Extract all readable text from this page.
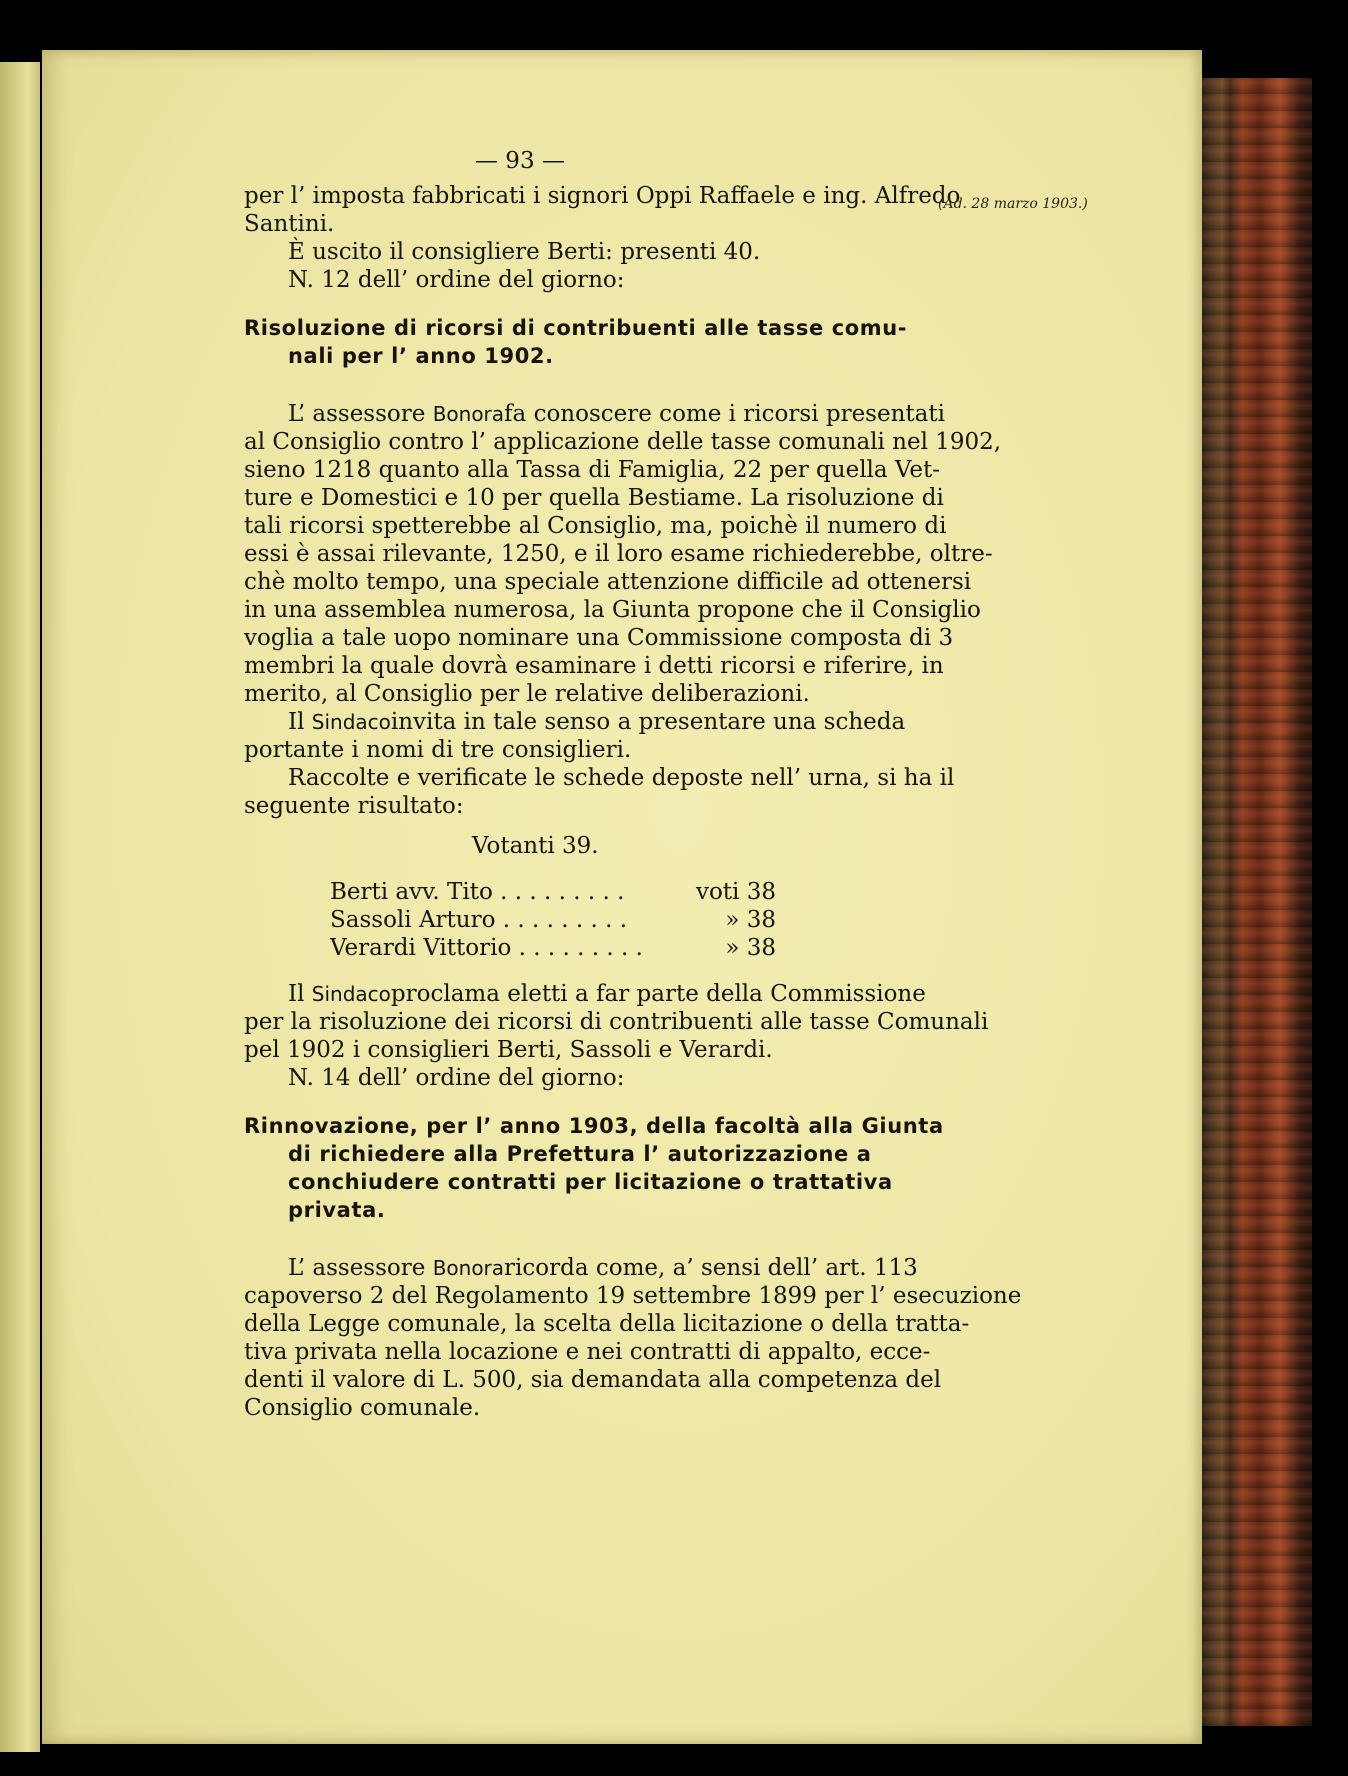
— 93 —
per l’ imposta fabbricati i signori Oppi Raffaele e ing. Alfredo
(Ad. 28 marzo 1903.)
Santini.
È uscito il consigliere Berti: presenti 40.
N. 12 dell’ ordine del giorno:
Risoluzione di ricorsi di contribuenti alle tasse comu-
nali per l’ anno 1902.
L’ assessore Bonora fa conoscere come i ricorsi presentati
al Consiglio contro l’ applicazione delle tasse comunali nel 1902,
sieno 1218 quanto alla Tassa di Famiglia, 22 per quella Vet-
ture e Domestici e 10 per quella Bestiame. La risoluzione di
tali ricorsi spetterebbe al Consiglio, ma, poichè il numero di
essi è assai rilevante, 1250, e il loro esame richiederebbe, oltre-
chè molto tempo, una speciale attenzione difficile ad ottenersi
in una assemblea numerosa, la Giunta propone che il Consiglio
voglia a tale uopo nominare una Commissione composta di 3
membri la quale dovrà esaminare i detti ricorsi e riferire, in
merito, al Consiglio per le relative deliberazioni.
Il Sindaco invita in tale senso a presentare una scheda
portante i nomi di tre consiglieri.
Raccolte e verificate le schede deposte nell’ urna, si ha il
seguente risultato:
Votanti 39.
Berti avv. Tito . . . . . . . . .	voti 38
Sassoli Arturo . . . . . . . . .	» 38
Verardi Vittorio . . . . . . . . .	» 38
Il Sindaco proclama eletti a far parte della Commissione
per la risoluzione dei ricorsi di contribuenti alle tasse Comunali
pel 1902 i consiglieri Berti, Sassoli e Verardi.
N. 14 dell’ ordine del giorno:
Rinnovazione, per l’ anno 1903, della facoltà alla Giunta
di richiedere alla Prefettura l’ autorizzazione a
conchiudere contratti per licitazione o trattativa
privata.
L’ assessore Bonora ricorda come, a’ sensi dell’ art. 113
capoverso 2 del Regolamento 19 settembre 1899 per l’ esecuzione
della Legge comunale, la scelta della licitazione o della tratta-
tiva privata nella locazione e nei contratti di appalto, ecce-
denti il valore di L. 500, sia demandata alla competenza del
Consiglio comunale.
